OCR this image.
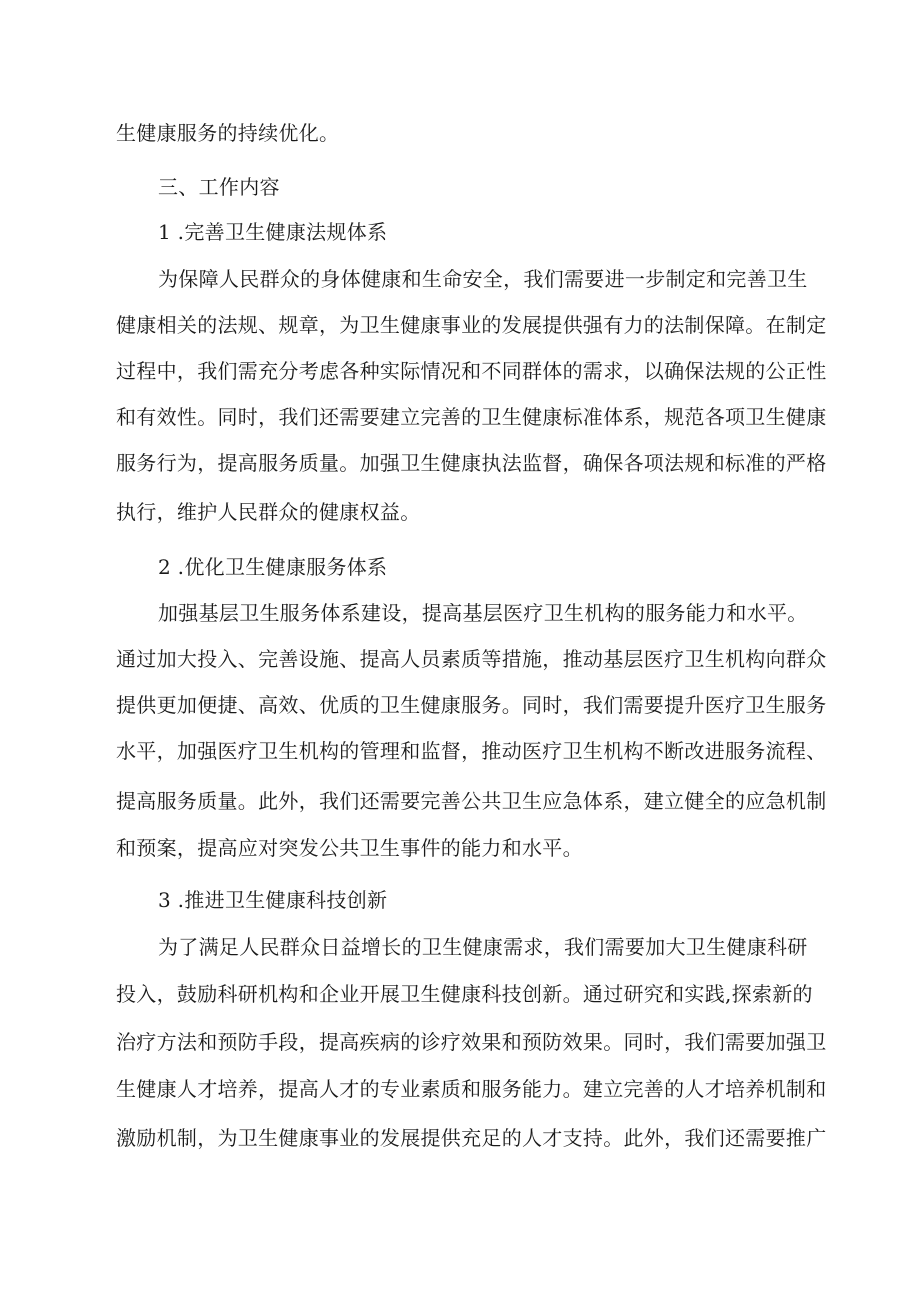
生健康服务的持续优化。
三、工作内容
1 .完善卫生健康法规体系
为保障人民群众的身体健康和生命安全，我们需要进一步制定和完善卫生
健康相关的法规、规章，为卫生健康事业的发展提供强有力的法制保障。在制定
过程中，我们需充分考虑各种实际情况和不同群体的需求，以确保法规的公正性
和有效性。同时，我们还需要建立完善的卫生健康标准体系，规范各项卫生健康
服务行为，提高服务质量。加强卫生健康执法监督，确保各项法规和标准的严格
执行，维护人民群众的健康权益。
2 .优化卫生健康服务体系
加强基层卫生服务体系建设，提高基层医疗卫生机构的服务能力和水平。
通过加大投入、完善设施、提高人员素质等措施，推动基层医疗卫生机构向群众
提供更加便捷、高效、优质的卫生健康服务。同时，我们需要提升医疗卫生服务
水平，加强医疗卫生机构的管理和监督，推动医疗卫生机构不断改进服务流程、
提高服务质量。此外，我们还需要完善公共卫生应急体系，建立健全的应急机制
和预案，提高应对突发公共卫生事件的能力和水平。
3 .推进卫生健康科技创新
为了满足人民群众日益增长的卫生健康需求，我们需要加大卫生健康科研
投入，鼓励科研机构和企业开展卫生健康科技创新。通过研究和实践,探索新的
治疗方法和预防手段，提高疾病的诊疗效果和预防效果。同时，我们需要加强卫
生健康人才培养，提高人才的专业素质和服务能力。建立完善的人才培养机制和
激励机制，为卫生健康事业的发展提供充足的人才支持。此外，我们还需要推广
